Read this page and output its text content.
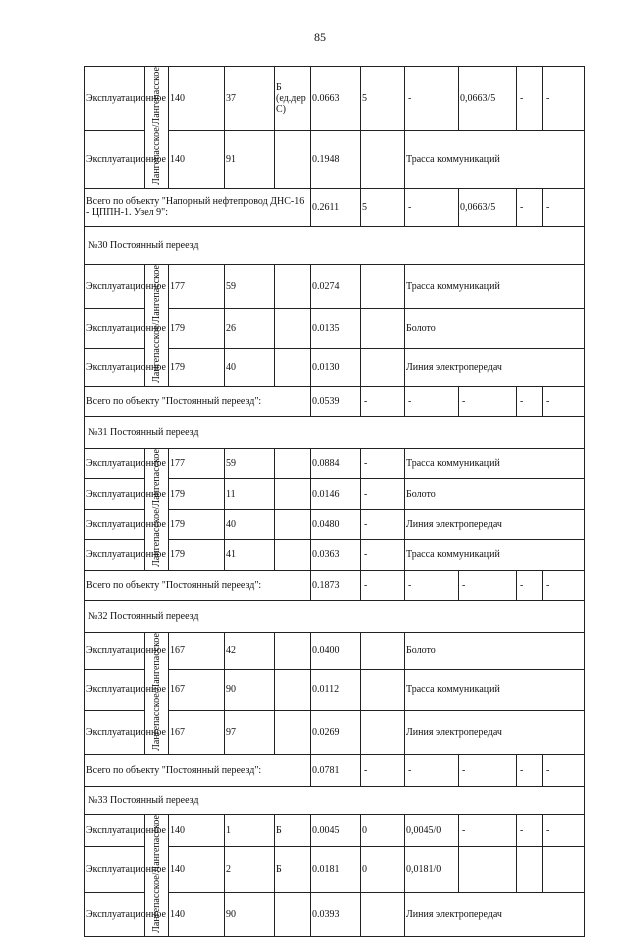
85
Эксплуатационное	Лангепасское/Лангепасское	140	37	Б (ед.дер С)	0.0663	5	-	0,0663/5	-	-
Эксплуатационное		140	91		0.1948		Трасса коммуникаций			
Всего по объекту "Напорный нефтепровод ДНС-16 - ЦППН-1. Узел 9":					0.2611	5	-	0,0663/5	-	-
№30 Постоянный переезд										
Эксплуатационное	Лангепасское/Лангепасское	177	59		0.0274		Трасса коммуникаций			
Эксплуатационное		179	26		0.0135		Болото			
Эксплуатационное		179	40		0.0130		Линия электропередач			
Всего по объекту "Постоянный переезд":					0.0539	-	-	-	-	-
№31 Постоянный переезд										
Эксплуатационное	Лангепасское/Лангепасское	177	59		0.0884	-	Трасса коммуникаций			
Эксплуатационное		179	11		0.0146	-	Болото			
Эксплуатационное		179	40		0.0480	-	Линия электропередач			
Эксплуатационное		179	41		0.0363	-	Трасса коммуникаций			
Всего по объекту "Постоянный переезд":					0.1873	-	-	-	-	-
№32 Постоянный переезд										
Эксплуатационное	Лангепасское/Лангепасское	167	42		0.0400		Болото			
Эксплуатационное		167	90		0.0112		Трасса коммуникаций			
Эксплуатационное		167	97		0.0269		Линия электропередач			
Всего по объекту "Постоянный переезд":					0.0781	-	-	-	-	-
№33 Постоянный переезд										
Эксплуатационное	Лангепасское/Лангепасское	140	1	Б	0.0045	0	0,0045/0	-	-	-
Эксплуатационное		140	2	Б	0.0181	0	0,0181/0			
Эксплуатационное		140	90		0.0393		Линия электропередач			
